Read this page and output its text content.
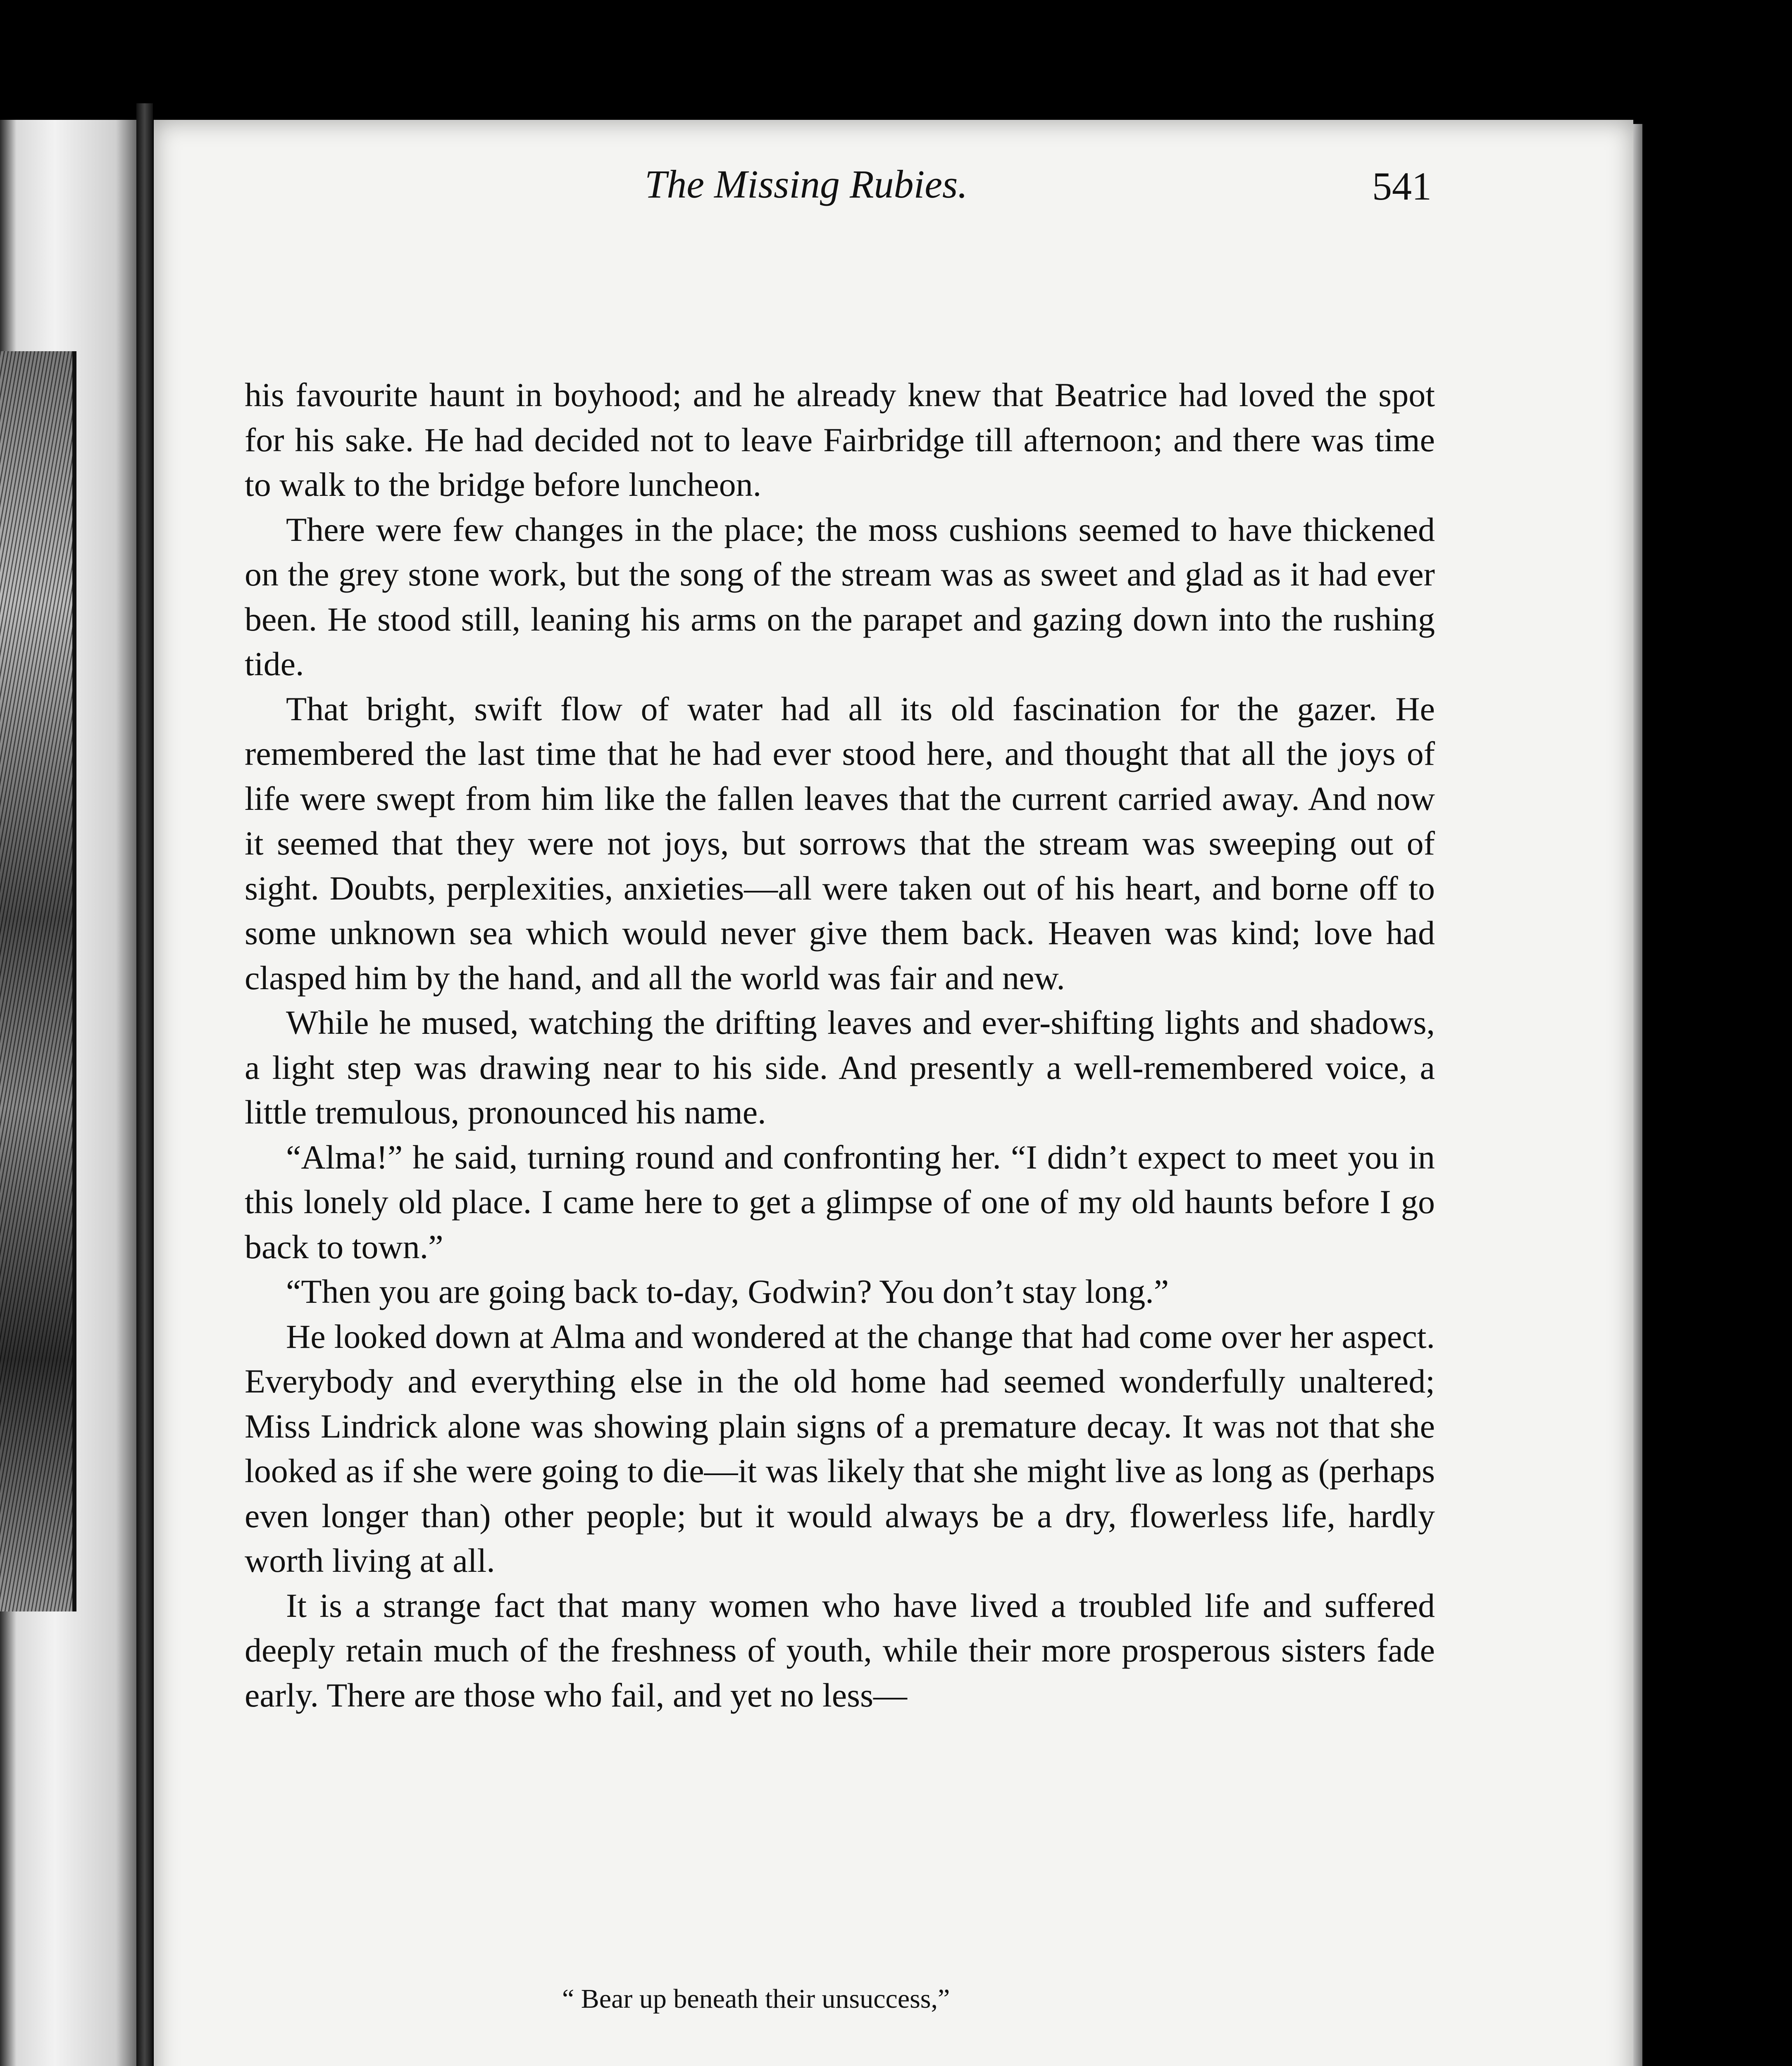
The Missing Rubies.	541

his favourite haunt in boyhood; and he already knew that Beatrice had loved the spot for his sake. He had decided not to leave Fairbridge till afternoon; and there was time to walk to the bridge before luncheon.

There were few changes in the place; the moss cushions seemed to have thickened on the grey stone work, but the song of the stream was as sweet and glad as it had ever been. He stood still, leaning his arms on the parapet and gazing down into the rushing tide.

That bright, swift flow of water had all its old fascination for the gazer. He remembered the last time that he had ever stood here, and thought that all the joys of life were swept from him like the fallen leaves that the current carried away. And now it seemed that they were not joys, but sorrows that the stream was sweeping out of sight. Doubts, perplexities, anxieties—all were taken out of his heart, and borne off to some unknown sea which would never give them back. Heaven was kind; love had clasped him by the hand, and all the world was fair and new.

While he mused, watching the drifting leaves and ever-shifting lights and shadows, a light step was drawing near to his side. And presently a well-remembered voice, a little tremulous, pronounced his name.

“Alma!” he said, turning round and confronting her. “I didn’t expect to meet you in this lonely old place. I came here to get a glimpse of one of my old haunts before I go back to town.”

“Then you are going back to-day, Godwin? You don’t stay long.”

He looked down at Alma and wondered at the change that had come over her aspect. Everybody and everything else in the old home had seemed wonderfully unaltered; Miss Lindrick alone was showing plain signs of a premature decay. It was not that she looked as if she were going to die—it was likely that she might live as long as (perhaps even longer than) other people; but it would always be a dry, flowerless life, hardly worth living at all.

It is a strange fact that many women who have lived a troubled life and suffered deeply retain much of the freshness of youth, while their more prosperous sisters fade early. There are those who fail, and yet no less—

“ Bear up beneath their unsuccess,”
